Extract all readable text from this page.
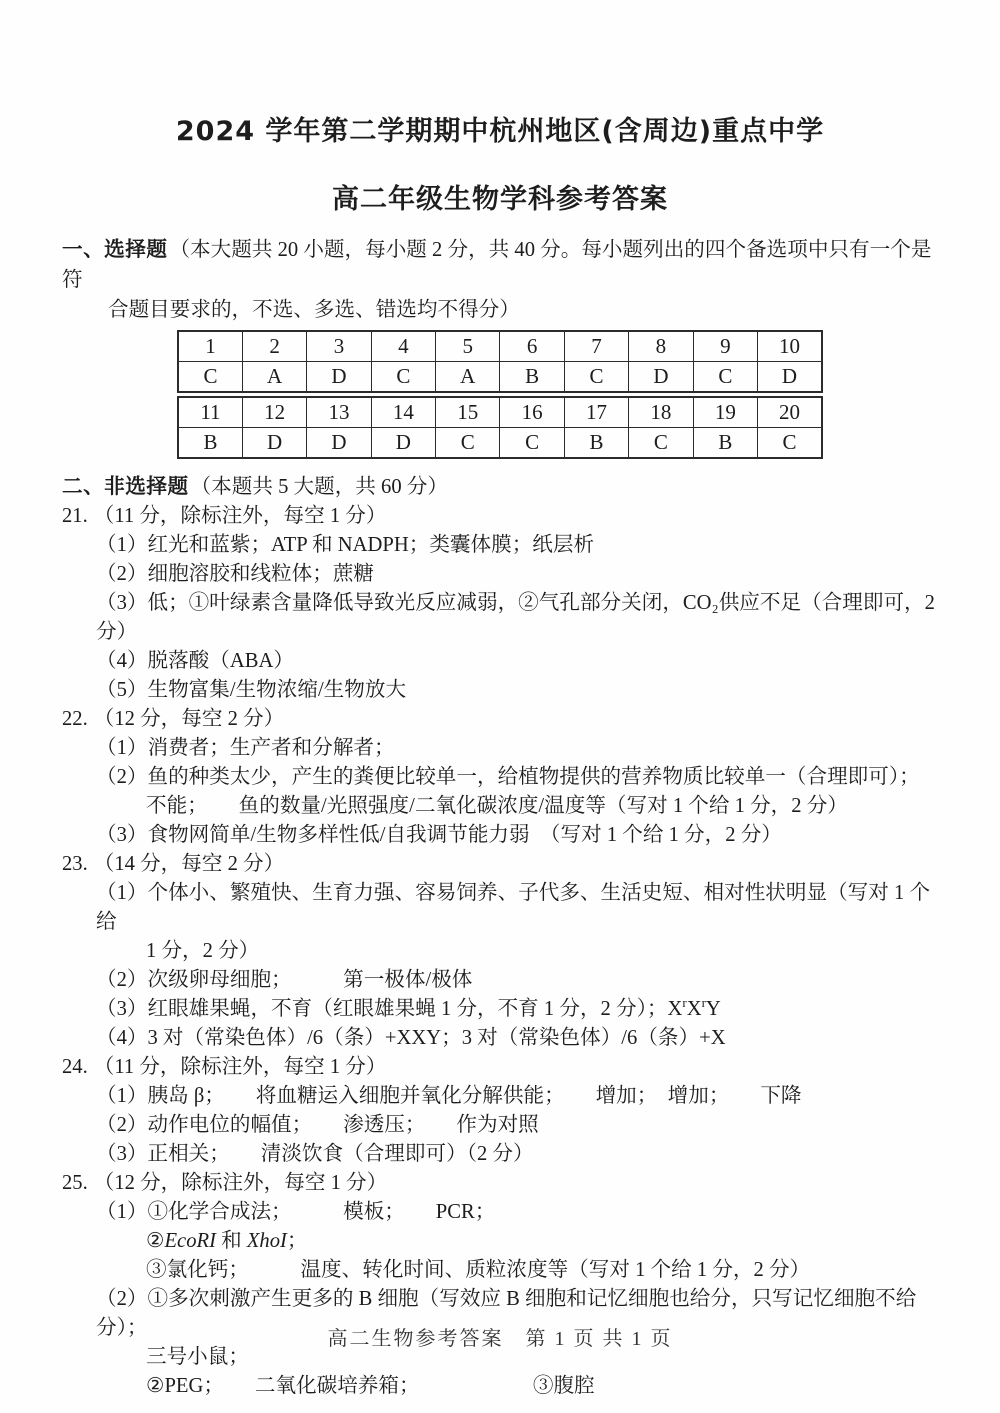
2024 学年第二学期期中杭州地区(含周边)重点中学
高二年级生物学科参考答案
一、选择题（本大题共 20 小题，每小题 2 分，共 40 分。每小题列出的四个备选项中只有一个是符
合题目要求的，不选、多选、错选均不得分）
1	2	3	4	5	6	7	8	9	10
C	A	D	C	A	B	C	D	C	D
11	12	13	14	15	16	17	18	19	20
B	D	D	D	C	C	B	C	B	C
二、非选择题（本题共 5 大题，共 60 分）
21. （11 分，除标注外，每空 1 分）
（1）红光和蓝紫；ATP 和 NADPH；类囊体膜；纸层析
（2）细胞溶胶和线粒体；蔗糖
（3）低；①叶绿素含量降低导致光反应减弱，②气孔部分关闭，CO₂供应不足（合理即可，2 分）
（4）脱落酸（ABA）
（5）生物富集/生物浓缩/生物放大
22. （12 分，每空 2 分）
（1）消费者；生产者和分解者；
（2）鱼的种类太少，产生的粪便比较单一，给植物提供的营养物质比较单一（合理即可）；
不能；　　鱼的数量/光照强度/二氧化碳浓度/温度等（写对 1 个给 1 分，2 分）
（3）食物网简单/生物多样性低/自我调节能力弱　（写对 1 个给 1 分，2 分）
23. （14 分，每空 2 分）
（1）个体小、繁殖快、生育力强、容易饲养、子代多、生活史短、相对性状明显（写对 1 个给
1 分，2 分）
（2）次级卵母细胞；　　　第一极体/极体
（3）红眼雄果蝇，不育（红眼雄果蝇 1 分，不育 1 分，2 分）；$X^rX^rY$
（4）3 对（常染色体）/6（条）+XXY；3 对（常染色体）/6（条）+X
24. （11 分，除标注外，每空 1 分）
（1）胰岛 β；　　将血糖运入细胞并氧化分解供能；　　增加；　增加；　　下降
（2）动作电位的幅值；　　渗透压；　　作为对照
（3）正相关；　　清淡饮食（合理即可）（2 分）
25. （12 分，除标注外，每空 1 分）
（1）①化学合成法；　　　模板；　　PCR；
②EcoRI 和 XhoI；
③氯化钙；　　　温度、转化时间、质粒浓度等（写对 1 个给 1 分，2 分）
（2）①多次刺激产生更多的 B 细胞（写效应 B 细胞和记忆细胞也给分，只写记忆细胞不给分）；
三号小鼠；
②PEG；　　二氧化碳培养箱；　　　　　　③腹腔
高二生物参考答案　第 1 页 共 1 页
